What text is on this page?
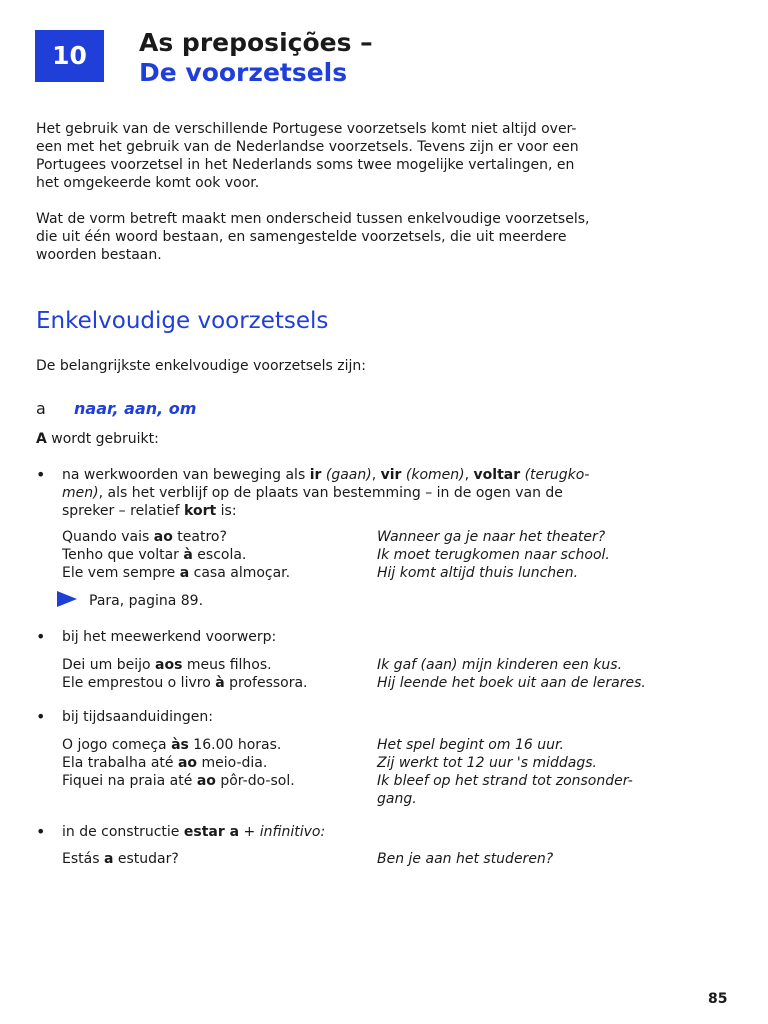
10 As preposições –
De voorzetsels
Het gebruik van de verschillende Portugese voorzetsels komt niet altijd over-
een met het gebruik van de Nederlandse voorzetsels. Tevens zijn er voor een
Portugees voorzetsel in het Nederlands soms twee mogelijke vertalingen, en
het omgekeerde komt ook voor.
Wat de vorm betreft maakt men onderscheid tussen enkelvoudige voorzetsels,
die uit één woord bestaan, en samengestelde voorzetsels, die uit meerdere
woorden bestaan.
Enkelvoudige voorzetsels
De belangrijkste enkelvoudige voorzetsels zijn:
a naar, aan, om
A wordt gebruikt:
• na werkwoorden van beweging als ir (gaan), vir (komen), voltar (terugko-
men), als het verblijf op de plaats van bestemming – in de ogen van de
spreker – relatief kort is:
Quando vais ao teatro?
Tenho que voltar à escola.
Ele vem sempre a casa almoçar.
Wanneer ga je naar het theater?
Ik moet terugkomen naar school.
Hij komt altijd thuis lunchen.
Para, pagina 89.
• bij het meewerkend voorwerp:
Dei um beijo aos meus filhos.
Ele emprestou o livro à professora.
Ik gaf (aan) mijn kinderen een kus.
Hij leende het boek uit aan de lerares.
• bij tijdsaanduidingen:
O jogo começa às 16.00 horas.
Ela trabalha até ao meio-dia.
Fiquei na praia até ao pôr-do-sol.
Het spel begint om 16 uur.
Zij werkt tot 12 uur 's middags.
Ik bleef op het strand tot zonsonder-
gang.
• in de constructie estar a + infinitivo:
Estás a estudar?	Ben je aan het studeren?
85
